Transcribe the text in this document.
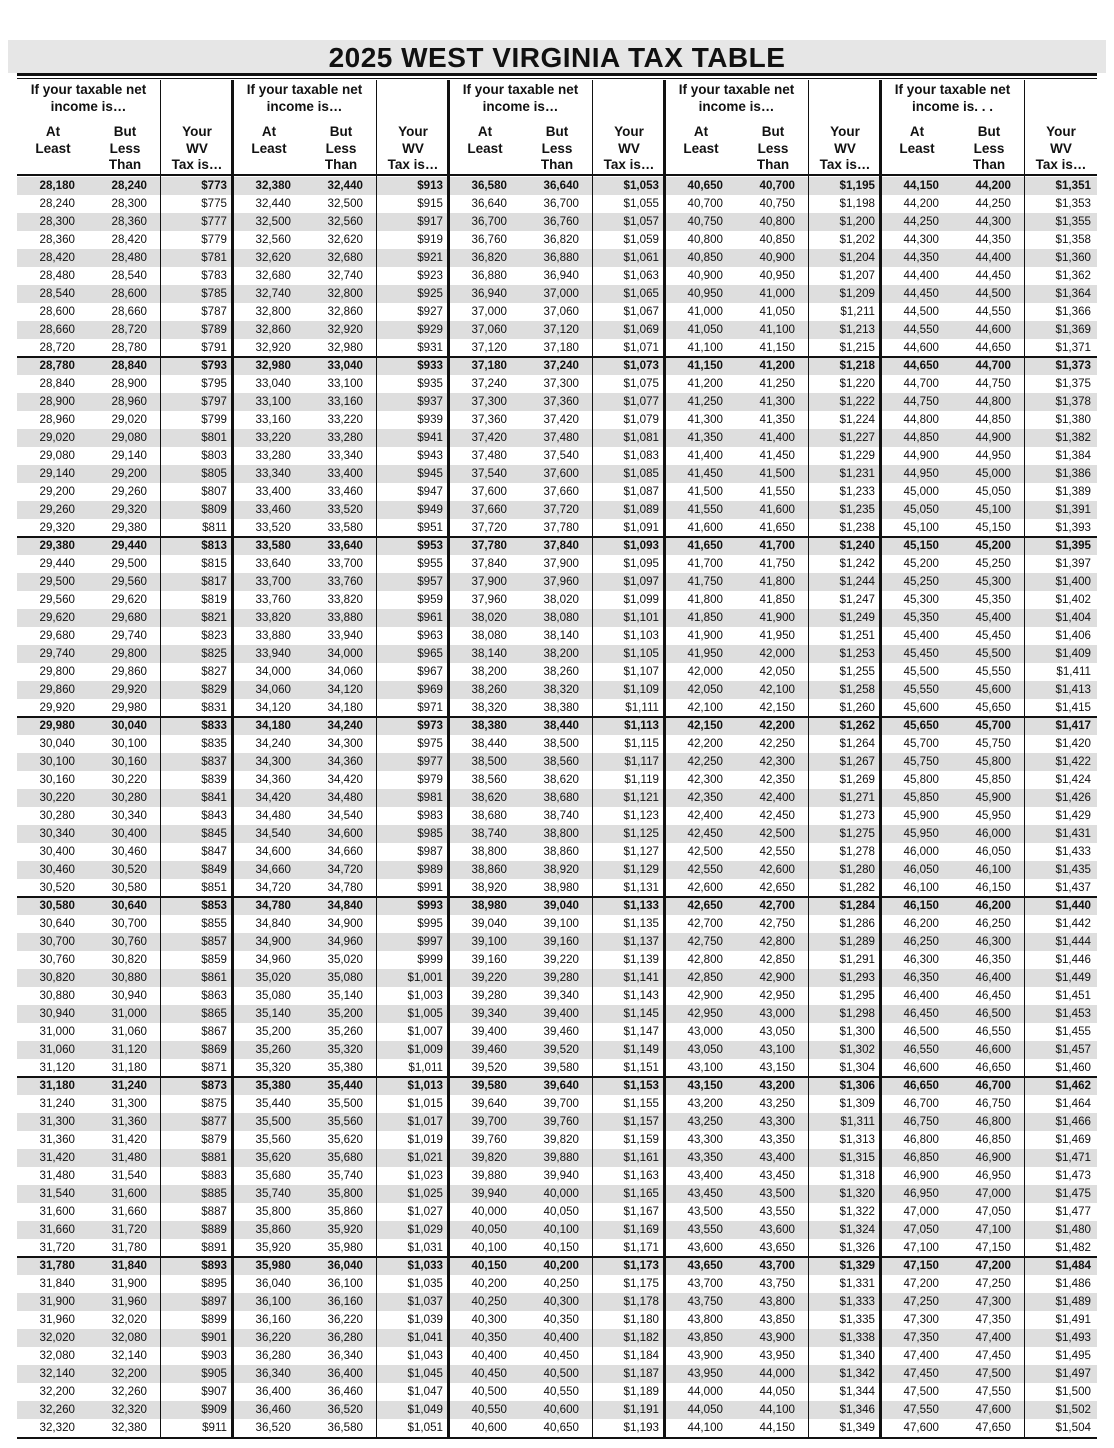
2025 WEST VIRGINIA TAX TABLE
If your taxable net
income is…
At
Least
But
Less
Than
Your
WV
Tax is…
If your taxable net
income is…
At
Least
But
Less
Than
Your
WV
Tax is…
If your taxable net
income is…
At
Least
But
Less
Than
Your
WV
Tax is…
If your taxable net
income is…
At
Least
But
Less
Than
Your
WV
Tax is…
If your taxable net
income is. . .
At
Least
But
Less
Than
Your
WV
Tax is…
28,180	28,240	$773	32,380	32,440	$913	36,580	36,640	$1,053	40,650	40,700	$1,195	44,150	44,200	$1,351
28,240	28,300	$775	32,440	32,500	$915	36,640	36,700	$1,055	40,700	40,750	$1,198	44,200	44,250	$1,353
28,300	28,360	$777	32,500	32,560	$917	36,700	36,760	$1,057	40,750	40,800	$1,200	44,250	44,300	$1,355
28,360	28,420	$779	32,560	32,620	$919	36,760	36,820	$1,059	40,800	40,850	$1,202	44,300	44,350	$1,358
28,420	28,480	$781	32,620	32,680	$921	36,820	36,880	$1,061	40,850	40,900	$1,204	44,350	44,400	$1,360
28,480	28,540	$783	32,680	32,740	$923	36,880	36,940	$1,063	40,900	40,950	$1,207	44,400	44,450	$1,362
28,540	28,600	$785	32,740	32,800	$925	36,940	37,000	$1,065	40,950	41,000	$1,209	44,450	44,500	$1,364
28,600	28,660	$787	32,800	32,860	$927	37,000	37,060	$1,067	41,000	41,050	$1,211	44,500	44,550	$1,366
28,660	28,720	$789	32,860	32,920	$929	37,060	37,120	$1,069	41,050	41,100	$1,213	44,550	44,600	$1,369
28,720	28,780	$791	32,920	32,980	$931	37,120	37,180	$1,071	41,100	41,150	$1,215	44,600	44,650	$1,371
28,780	28,840	$793	32,980	33,040	$933	37,180	37,240	$1,073	41,150	41,200	$1,218	44,650	44,700	$1,373
28,840	28,900	$795	33,040	33,100	$935	37,240	37,300	$1,075	41,200	41,250	$1,220	44,700	44,750	$1,375
28,900	28,960	$797	33,100	33,160	$937	37,300	37,360	$1,077	41,250	41,300	$1,222	44,750	44,800	$1,378
28,960	29,020	$799	33,160	33,220	$939	37,360	37,420	$1,079	41,300	41,350	$1,224	44,800	44,850	$1,380
29,020	29,080	$801	33,220	33,280	$941	37,420	37,480	$1,081	41,350	41,400	$1,227	44,850	44,900	$1,382
29,080	29,140	$803	33,280	33,340	$943	37,480	37,540	$1,083	41,400	41,450	$1,229	44,900	44,950	$1,384
29,140	29,200	$805	33,340	33,400	$945	37,540	37,600	$1,085	41,450	41,500	$1,231	44,950	45,000	$1,386
29,200	29,260	$807	33,400	33,460	$947	37,600	37,660	$1,087	41,500	41,550	$1,233	45,000	45,050	$1,389
29,260	29,320	$809	33,460	33,520	$949	37,660	37,720	$1,089	41,550	41,600	$1,235	45,050	45,100	$1,391
29,320	29,380	$811	33,520	33,580	$951	37,720	37,780	$1,091	41,600	41,650	$1,238	45,100	45,150	$1,393
29,380	29,440	$813	33,580	33,640	$953	37,780	37,840	$1,093	41,650	41,700	$1,240	45,150	45,200	$1,395
29,440	29,500	$815	33,640	33,700	$955	37,840	37,900	$1,095	41,700	41,750	$1,242	45,200	45,250	$1,397
29,500	29,560	$817	33,700	33,760	$957	37,900	37,960	$1,097	41,750	41,800	$1,244	45,250	45,300	$1,400
29,560	29,620	$819	33,760	33,820	$959	37,960	38,020	$1,099	41,800	41,850	$1,247	45,300	45,350	$1,402
29,620	29,680	$821	33,820	33,880	$961	38,020	38,080	$1,101	41,850	41,900	$1,249	45,350	45,400	$1,404
29,680	29,740	$823	33,880	33,940	$963	38,080	38,140	$1,103	41,900	41,950	$1,251	45,400	45,450	$1,406
29,740	29,800	$825	33,940	34,000	$965	38,140	38,200	$1,105	41,950	42,000	$1,253	45,450	45,500	$1,409
29,800	29,860	$827	34,000	34,060	$967	38,200	38,260	$1,107	42,000	42,050	$1,255	45,500	45,550	$1,411
29,860	29,920	$829	34,060	34,120	$969	38,260	38,320	$1,109	42,050	42,100	$1,258	45,550	45,600	$1,413
29,920	29,980	$831	34,120	34,180	$971	38,320	38,380	$1,111	42,100	42,150	$1,260	45,600	45,650	$1,415
29,980	30,040	$833	34,180	34,240	$973	38,380	38,440	$1,113	42,150	42,200	$1,262	45,650	45,700	$1,417
30,040	30,100	$835	34,240	34,300	$975	38,440	38,500	$1,115	42,200	42,250	$1,264	45,700	45,750	$1,420
30,100	30,160	$837	34,300	34,360	$977	38,500	38,560	$1,117	42,250	42,300	$1,267	45,750	45,800	$1,422
30,160	30,220	$839	34,360	34,420	$979	38,560	38,620	$1,119	42,300	42,350	$1,269	45,800	45,850	$1,424
30,220	30,280	$841	34,420	34,480	$981	38,620	38,680	$1,121	42,350	42,400	$1,271	45,850	45,900	$1,426
30,280	30,340	$843	34,480	34,540	$983	38,680	38,740	$1,123	42,400	42,450	$1,273	45,900	45,950	$1,429
30,340	30,400	$845	34,540	34,600	$985	38,740	38,800	$1,125	42,450	42,500	$1,275	45,950	46,000	$1,431
30,400	30,460	$847	34,600	34,660	$987	38,800	38,860	$1,127	42,500	42,550	$1,278	46,000	46,050	$1,433
30,460	30,520	$849	34,660	34,720	$989	38,860	38,920	$1,129	42,550	42,600	$1,280	46,050	46,100	$1,435
30,520	30,580	$851	34,720	34,780	$991	38,920	38,980	$1,131	42,600	42,650	$1,282	46,100	46,150	$1,437
30,580	30,640	$853	34,780	34,840	$993	38,980	39,040	$1,133	42,650	42,700	$1,284	46,150	46,200	$1,440
30,640	30,700	$855	34,840	34,900	$995	39,040	39,100	$1,135	42,700	42,750	$1,286	46,200	46,250	$1,442
30,700	30,760	$857	34,900	34,960	$997	39,100	39,160	$1,137	42,750	42,800	$1,289	46,250	46,300	$1,444
30,760	30,820	$859	34,960	35,020	$999	39,160	39,220	$1,139	42,800	42,850	$1,291	46,300	46,350	$1,446
30,820	30,880	$861	35,020	35,080	$1,001	39,220	39,280	$1,141	42,850	42,900	$1,293	46,350	46,400	$1,449
30,880	30,940	$863	35,080	35,140	$1,003	39,280	39,340	$1,143	42,900	42,950	$1,295	46,400	46,450	$1,451
30,940	31,000	$865	35,140	35,200	$1,005	39,340	39,400	$1,145	42,950	43,000	$1,298	46,450	46,500	$1,453
31,000	31,060	$867	35,200	35,260	$1,007	39,400	39,460	$1,147	43,000	43,050	$1,300	46,500	46,550	$1,455
31,060	31,120	$869	35,260	35,320	$1,009	39,460	39,520	$1,149	43,050	43,100	$1,302	46,550	46,600	$1,457
31,120	31,180	$871	35,320	35,380	$1,011	39,520	39,580	$1,151	43,100	43,150	$1,304	46,600	46,650	$1,460
31,180	31,240	$873	35,380	35,440	$1,013	39,580	39,640	$1,153	43,150	43,200	$1,306	46,650	46,700	$1,462
31,240	31,300	$875	35,440	35,500	$1,015	39,640	39,700	$1,155	43,200	43,250	$1,309	46,700	46,750	$1,464
31,300	31,360	$877	35,500	35,560	$1,017	39,700	39,760	$1,157	43,250	43,300	$1,311	46,750	46,800	$1,466
31,360	31,420	$879	35,560	35,620	$1,019	39,760	39,820	$1,159	43,300	43,350	$1,313	46,800	46,850	$1,469
31,420	31,480	$881	35,620	35,680	$1,021	39,820	39,880	$1,161	43,350	43,400	$1,315	46,850	46,900	$1,471
31,480	31,540	$883	35,680	35,740	$1,023	39,880	39,940	$1,163	43,400	43,450	$1,318	46,900	46,950	$1,473
31,540	31,600	$885	35,740	35,800	$1,025	39,940	40,000	$1,165	43,450	43,500	$1,320	46,950	47,000	$1,475
31,600	31,660	$887	35,800	35,860	$1,027	40,000	40,050	$1,167	43,500	43,550	$1,322	47,000	47,050	$1,477
31,660	31,720	$889	35,860	35,920	$1,029	40,050	40,100	$1,169	43,550	43,600	$1,324	47,050	47,100	$1,480
31,720	31,780	$891	35,920	35,980	$1,031	40,100	40,150	$1,171	43,600	43,650	$1,326	47,100	47,150	$1,482
31,780	31,840	$893	35,980	36,040	$1,033	40,150	40,200	$1,173	43,650	43,700	$1,329	47,150	47,200	$1,484
31,840	31,900	$895	36,040	36,100	$1,035	40,200	40,250	$1,175	43,700	43,750	$1,331	47,200	47,250	$1,486
31,900	31,960	$897	36,100	36,160	$1,037	40,250	40,300	$1,178	43,750	43,800	$1,333	47,250	47,300	$1,489
31,960	32,020	$899	36,160	36,220	$1,039	40,300	40,350	$1,180	43,800	43,850	$1,335	47,300	47,350	$1,491
32,020	32,080	$901	36,220	36,280	$1,041	40,350	40,400	$1,182	43,850	43,900	$1,338	47,350	47,400	$1,493
32,080	32,140	$903	36,280	36,340	$1,043	40,400	40,450	$1,184	43,900	43,950	$1,340	47,400	47,450	$1,495
32,140	32,200	$905	36,340	36,400	$1,045	40,450	40,500	$1,187	43,950	44,000	$1,342	47,450	47,500	$1,497
32,200	32,260	$907	36,400	36,460	$1,047	40,500	40,550	$1,189	44,000	44,050	$1,344	47,500	47,550	$1,500
32,260	32,320	$909	36,460	36,520	$1,049	40,550	40,600	$1,191	44,050	44,100	$1,346	47,550	47,600	$1,502
32,320	32,380	$911	36,520	36,580	$1,051	40,600	40,650	$1,193	44,100	44,150	$1,349	47,600	47,650	$1,504
